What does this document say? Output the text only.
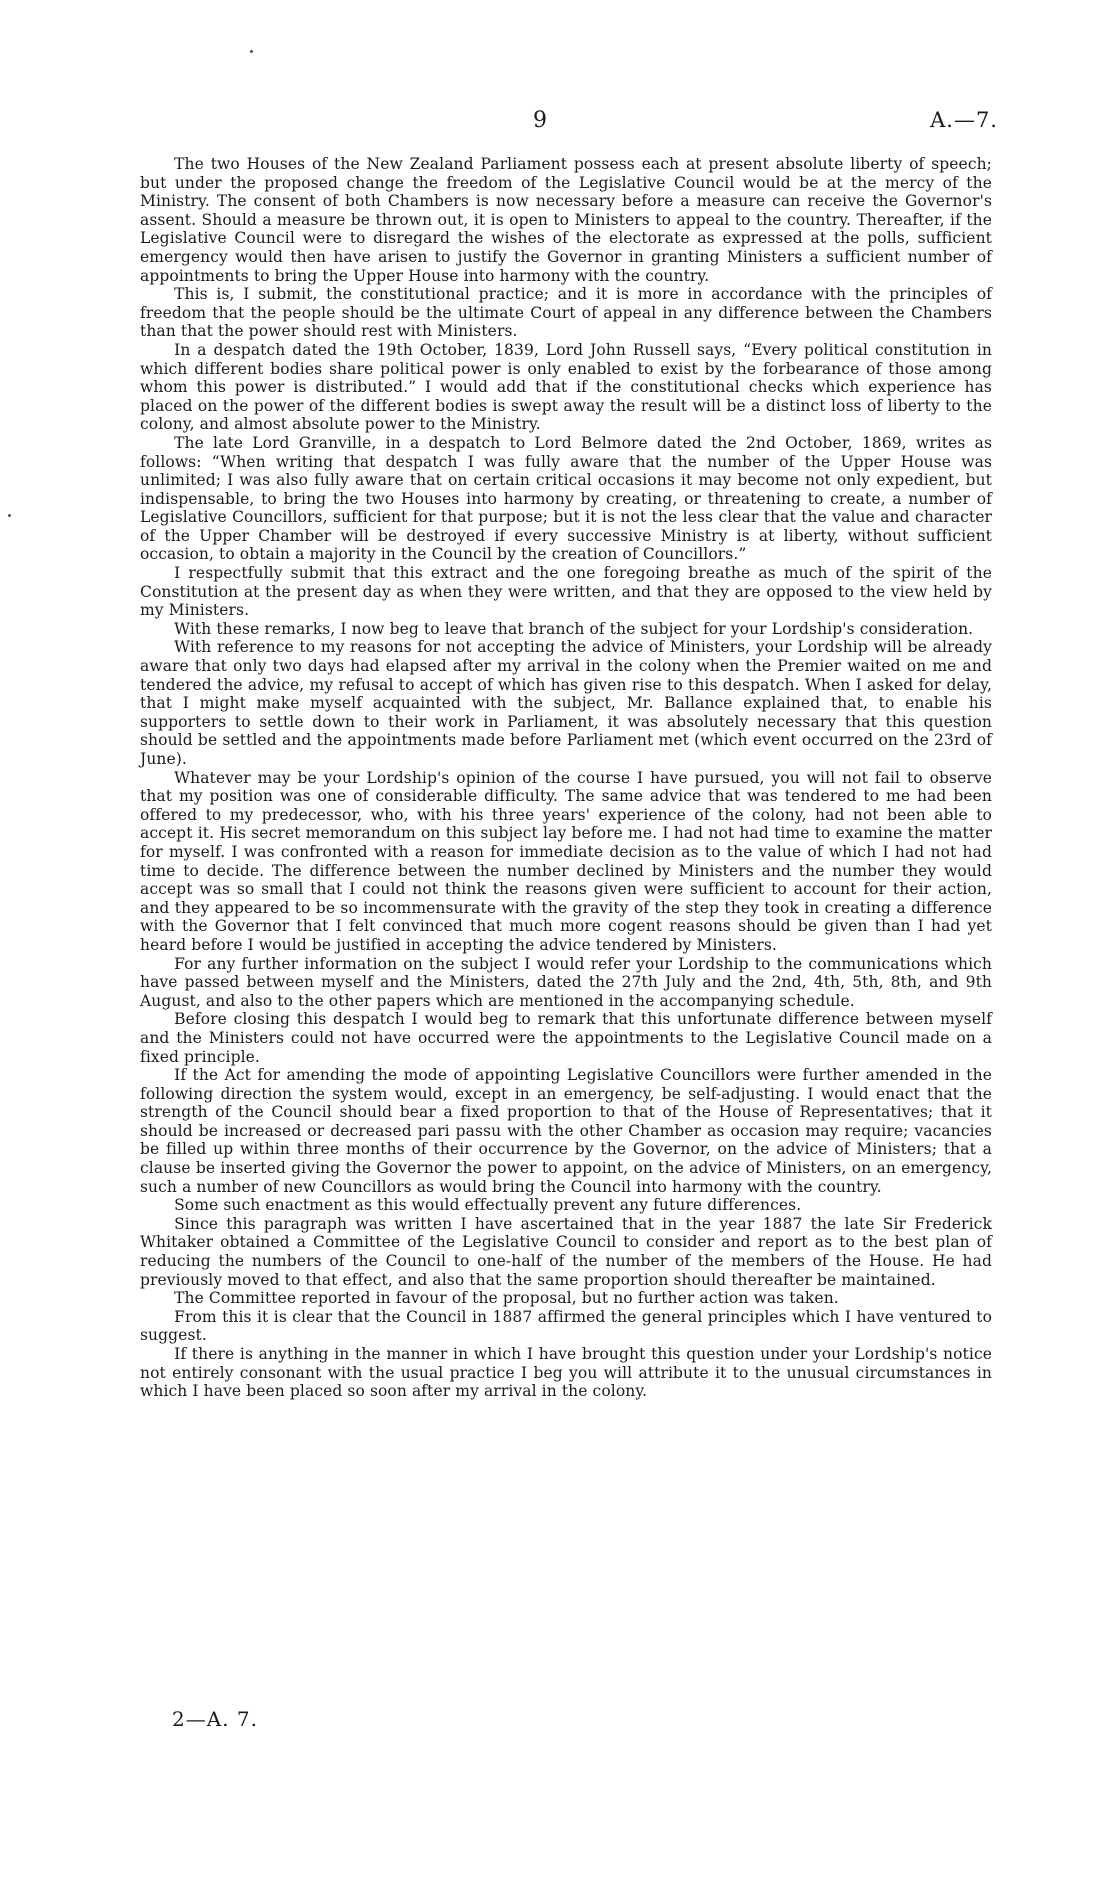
9	A.—7.

The two Houses of the New Zealand Parliament possess each at present absolute liberty of speech; but under the proposed change the freedom of the Legislative Council would be at the mercy of the Ministry. The consent of both Chambers is now necessary before a measure can receive the Governor's assent. Should a measure be thrown out, it is open to Ministers to appeal to the country. Thereafter, if the Legislative Council were to disregard the wishes of the electorate as expressed at the polls, sufficient emergency would then have arisen to justify the Governor in granting Ministers a sufficient number of appointments to bring the Upper House into harmony with the country.

This is, I submit, the constitutional practice; and it is more in accordance with the principles of freedom that the people should be the ultimate Court of appeal in any difference between the Chambers than that the power should rest with Ministers.

In a despatch dated the 19th October, 1839, Lord John Russell says, “Every political constitution in which different bodies share political power is only enabled to exist by the forbearance of those among whom this power is distributed.” I would add that if the constitutional checks which experience has placed on the power of the different bodies is swept away the result will be a distinct loss of liberty to the colony, and almost absolute power to the Ministry.

The late Lord Granville, in a despatch to Lord Belmore dated the 2nd October, 1869, writes as follows: “When writing that despatch I was fully aware that the number of the Upper House was unlimited; I was also fully aware that on certain critical occasions it may become not only expedient, but indispensable, to bring the two Houses into harmony by creating, or threatening to create, a number of Legislative Councillors, sufficient for that purpose; but it is not the less clear that the value and character of the Upper Chamber will be destroyed if every successive Ministry is at liberty, without sufficient occasion, to obtain a majority in the Council by the creation of Councillors.”

I respectfully submit that this extract and the one foregoing breathe as much of the spirit of the Constitution at the present day as when they were written, and that they are opposed to the view held by my Ministers.

With these remarks, I now beg to leave that branch of the subject for your Lordship's consideration.

With reference to my reasons for not accepting the advice of Ministers, your Lordship will be already aware that only two days had elapsed after my arrival in the colony when the Premier waited on me and tendered the advice, my refusal to accept of which has given rise to this despatch. When I asked for delay, that I might make myself acquainted with the subject, Mr. Ballance explained that, to enable his supporters to settle down to their work in Parliament, it was absolutely necessary that this question should be settled and the appointments made before Parliament met (which event occurred on the 23rd of June).

Whatever may be your Lordship's opinion of the course I have pursued, you will not fail to observe that my position was one of considerable difficulty. The same advice that was tendered to me had been offered to my predecessor, who, with his three years' experience of the colony, had not been able to accept it. His secret memorandum on this subject lay before me. I had not had time to examine the matter for myself. I was confronted with a reason for immediate decision as to the value of which I had not had time to decide. The difference between the number declined by Ministers and the number they would accept was so small that I could not think the reasons given were sufficient to account for their action, and they appeared to be so incommensurate with the gravity of the step they took in creating a difference with the Governor that I felt convinced that much more cogent reasons should be given than I had yet heard before I would be justified in accepting the advice tendered by Ministers.

For any further information on the subject I would refer your Lordship to the communications which have passed between myself and the Ministers, dated the 27th July and the 2nd, 4th, 5th, 8th, and 9th August, and also to the other papers which are mentioned in the accompanying schedule.

Before closing this despatch I would beg to remark that this unfortunate difference between myself and the Ministers could not have occurred were the appointments to the Legislative Council made on a fixed principle.

If the Act for amending the mode of appointing Legislative Councillors were further amended in the following direction the system would, except in an emergency, be self-adjusting. I would enact that the strength of the Council should bear a fixed proportion to that of the House of Representatives; that it should be increased or decreased pari passu with the other Chamber as occasion may require; vacancies be filled up within three months of their occurrence by the Governor, on the advice of Ministers; that a clause be inserted giving the Governor the power to appoint, on the advice of Ministers, on an emergency, such a number of new Councillors as would bring the Council into harmony with the country.

Some such enactment as this would effectually prevent any future differences.

Since this paragraph was written I have ascertained that in the year 1887 the late Sir Frederick Whitaker obtained a Committee of the Legislative Council to consider and report as to the best plan of reducing the numbers of the Council to one-half of the number of the members of the House. He had previously moved to that effect, and also that the same proportion should thereafter be maintained.

The Committee reported in favour of the proposal, but no further action was taken.

From this it is clear that the Council in 1887 affirmed the general principles which I have ventured to suggest.

If there is anything in the manner in which I have brought this question under your Lordship's notice not entirely consonant with the usual practice I beg you will attribute it to the unusual circumstances in which I have been placed so soon after my arrival in the colony.

2—A. 7.
